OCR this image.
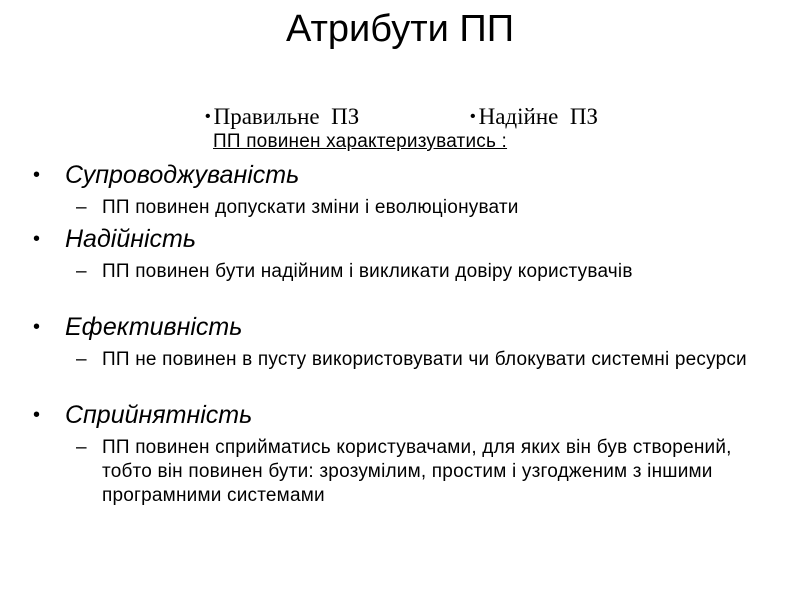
Атрибути ПП

• Правильне  ПЗ
	• Надійне  ПЗ

ПП повинен характеризуватись :
• Супроводжуваність
– ПП повинен допускати зміни і еволюціонувати
• Надійність
– ПП повинен бути надійним і викликати довіру користувачів
• Ефективність
– ПП не повинен в пусту використовувати чи блокувати системні ресурси
• Сприйнятність
– ПП повинен сприйматись користувачами, для яких він був створений, тобто він повинен бути: зрозумілим, простим і узгодженим з іншими програмними системами
